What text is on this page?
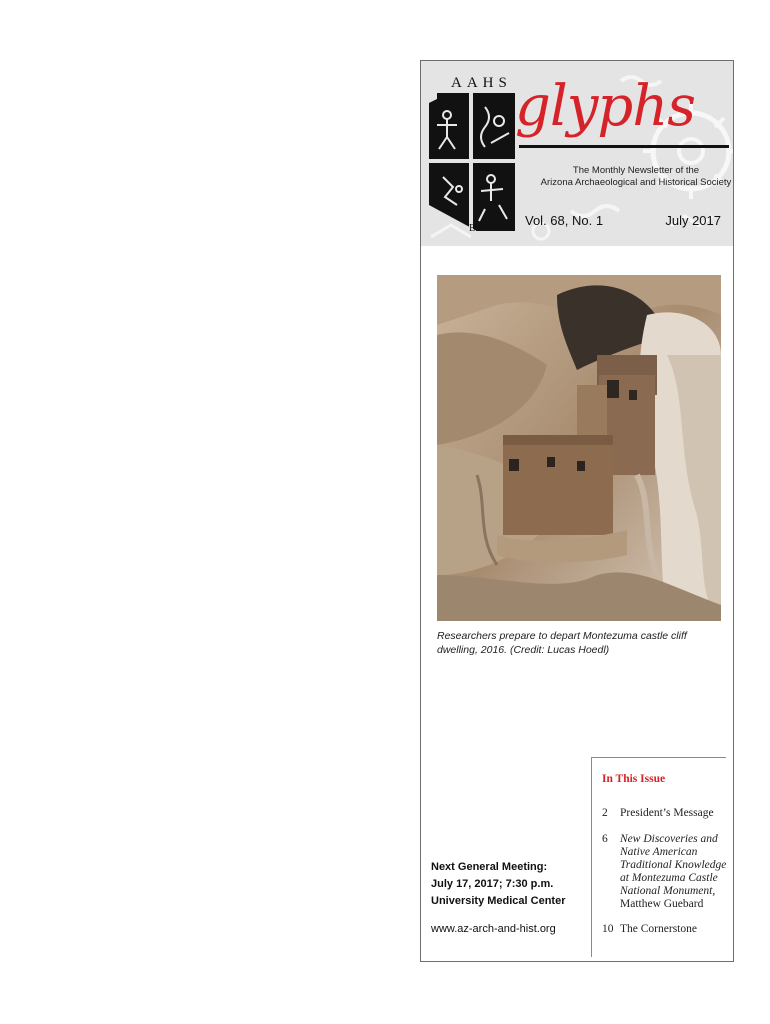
AAHS
Est. 1916
glyphs
The Monthly Newsletter of the
Arizona Archaeological and Historical Society
Vol. 68, No. 1	July 2017
Researchers prepare to depart Montezuma castle cliff dwelling, 2016. (Credit: Lucas Hoedl)
In This Issue
2	President’s Message
6	New Discoveries and Native American Traditional Knowledge at Montezuma Castle National Monument,
Matthew Guebard
10 The Cornerstone
Next General Meeting:
July 17, 2017; 7:30 p.m.
University Medical Center
www.az-arch-and-hist.org
